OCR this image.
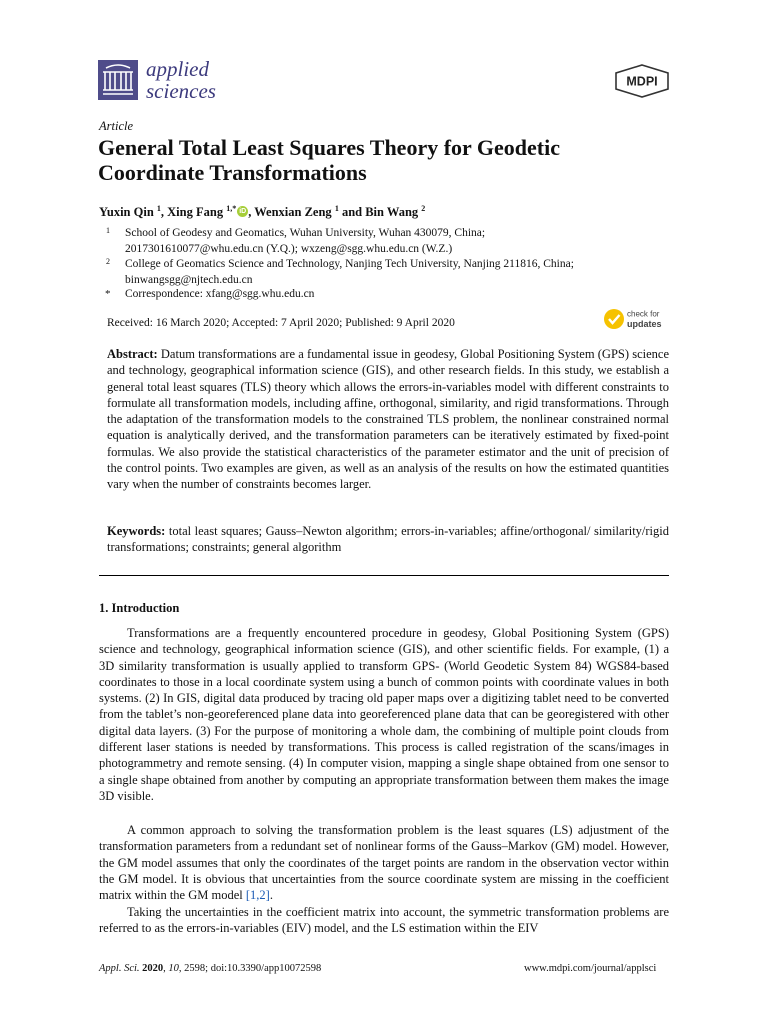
applied
sciences	MDPI
Article
General Total Least Squares Theory for Geodetic Coordinate Transformations
Yuxin Qin $^1$, Xing Fang $^{1,*}$ iD , Wenxian Zeng $^1$ and Bin Wang $^2$
1 School of Geodesy and Geomatics, Wuhan University, Wuhan 430079, China;
2017301610077@whu.edu.cn (Y.Q.); wxzeng@sgg.whu.edu.cn (W.Z.)
2 College of Geomatics Science and Technology, Nanjing Tech University, Nanjing 211816, China;
binwangsgg@njtech.edu.cn
* Correspondence: xfang@sgg.whu.edu.cn
check for
updates
Received: 16 March 2020; Accepted: 7 April 2020; Published: 9 April 2020
Abstract: Datum transformations are a fundamental issue in geodesy, Global Positioning System (GPS) science and technology, geographical information science (GIS), and other research fields. In this study, we establish a general total least squares (TLS) theory which allows the errors-in-variables model with different constraints to formulate all transformation models, including affine, orthogonal, similarity, and rigid transformations. Through the adaptation of the transformation models to the constrained TLS problem, the nonlinear constrained normal equation is analytically derived, and the transformation parameters can be iteratively estimated by fixed-point formulas. We also provide the statistical characteristics of the parameter estimator and the unit of precision of the control points. Two examples are given, as well as an analysis of the results on how the estimated quantities vary when the number of constraints becomes larger.
Keywords: total least squares; Gauss–Newton algorithm; errors-in-variables; affine/orthogonal/ similarity/rigid transformations; constraints; general algorithm
1. Introduction
Transformations are a frequently encountered procedure in geodesy, Global Positioning System (GPS) science and technology, geographical information science (GIS), and other scientific fields. For example, (1) a 3D similarity transformation is usually applied to transform GPS- (World Geodetic System 84) WGS84-based coordinates to those in a local coordinate system using a bunch of common points with coordinate values in both systems. (2) In GIS, digital data produced by tracing old paper maps over a digitizing tablet need to be converted from the tablet’s non-georeferenced plane data into georeferenced plane data that can be georegistered with other digital data layers. (3) For the purpose of monitoring a whole dam, the combining of multiple point clouds from different laser stations is needed by transformations. This process is called registration of the scans/images in photogrammetry and remote sensing. (4) In computer vision, mapping a single shape obtained from one sensor to a single shape obtained from another by computing an appropriate transformation between them makes the image 3D visible.
A common approach to solving the transformation problem is the least squares (LS) adjustment of the transformation parameters from a redundant set of nonlinear forms of the Gauss–Markov (GM) model. However, the GM model assumes that only the coordinates of the target points are random in the observation vector within the GM model. It is obvious that uncertainties from the source coordinate system are missing in the coefficient matrix within the GM model [1,2].
Taking the uncertainties in the coefficient matrix into account, the symmetric transformation problems are referred to as the errors-in-variables (EIV) model, and the LS estimation within the EIV
Appl. Sci. 2020, 10, 2598; doi:10.3390/app10072598	www.mdpi.com/journal/applsci
